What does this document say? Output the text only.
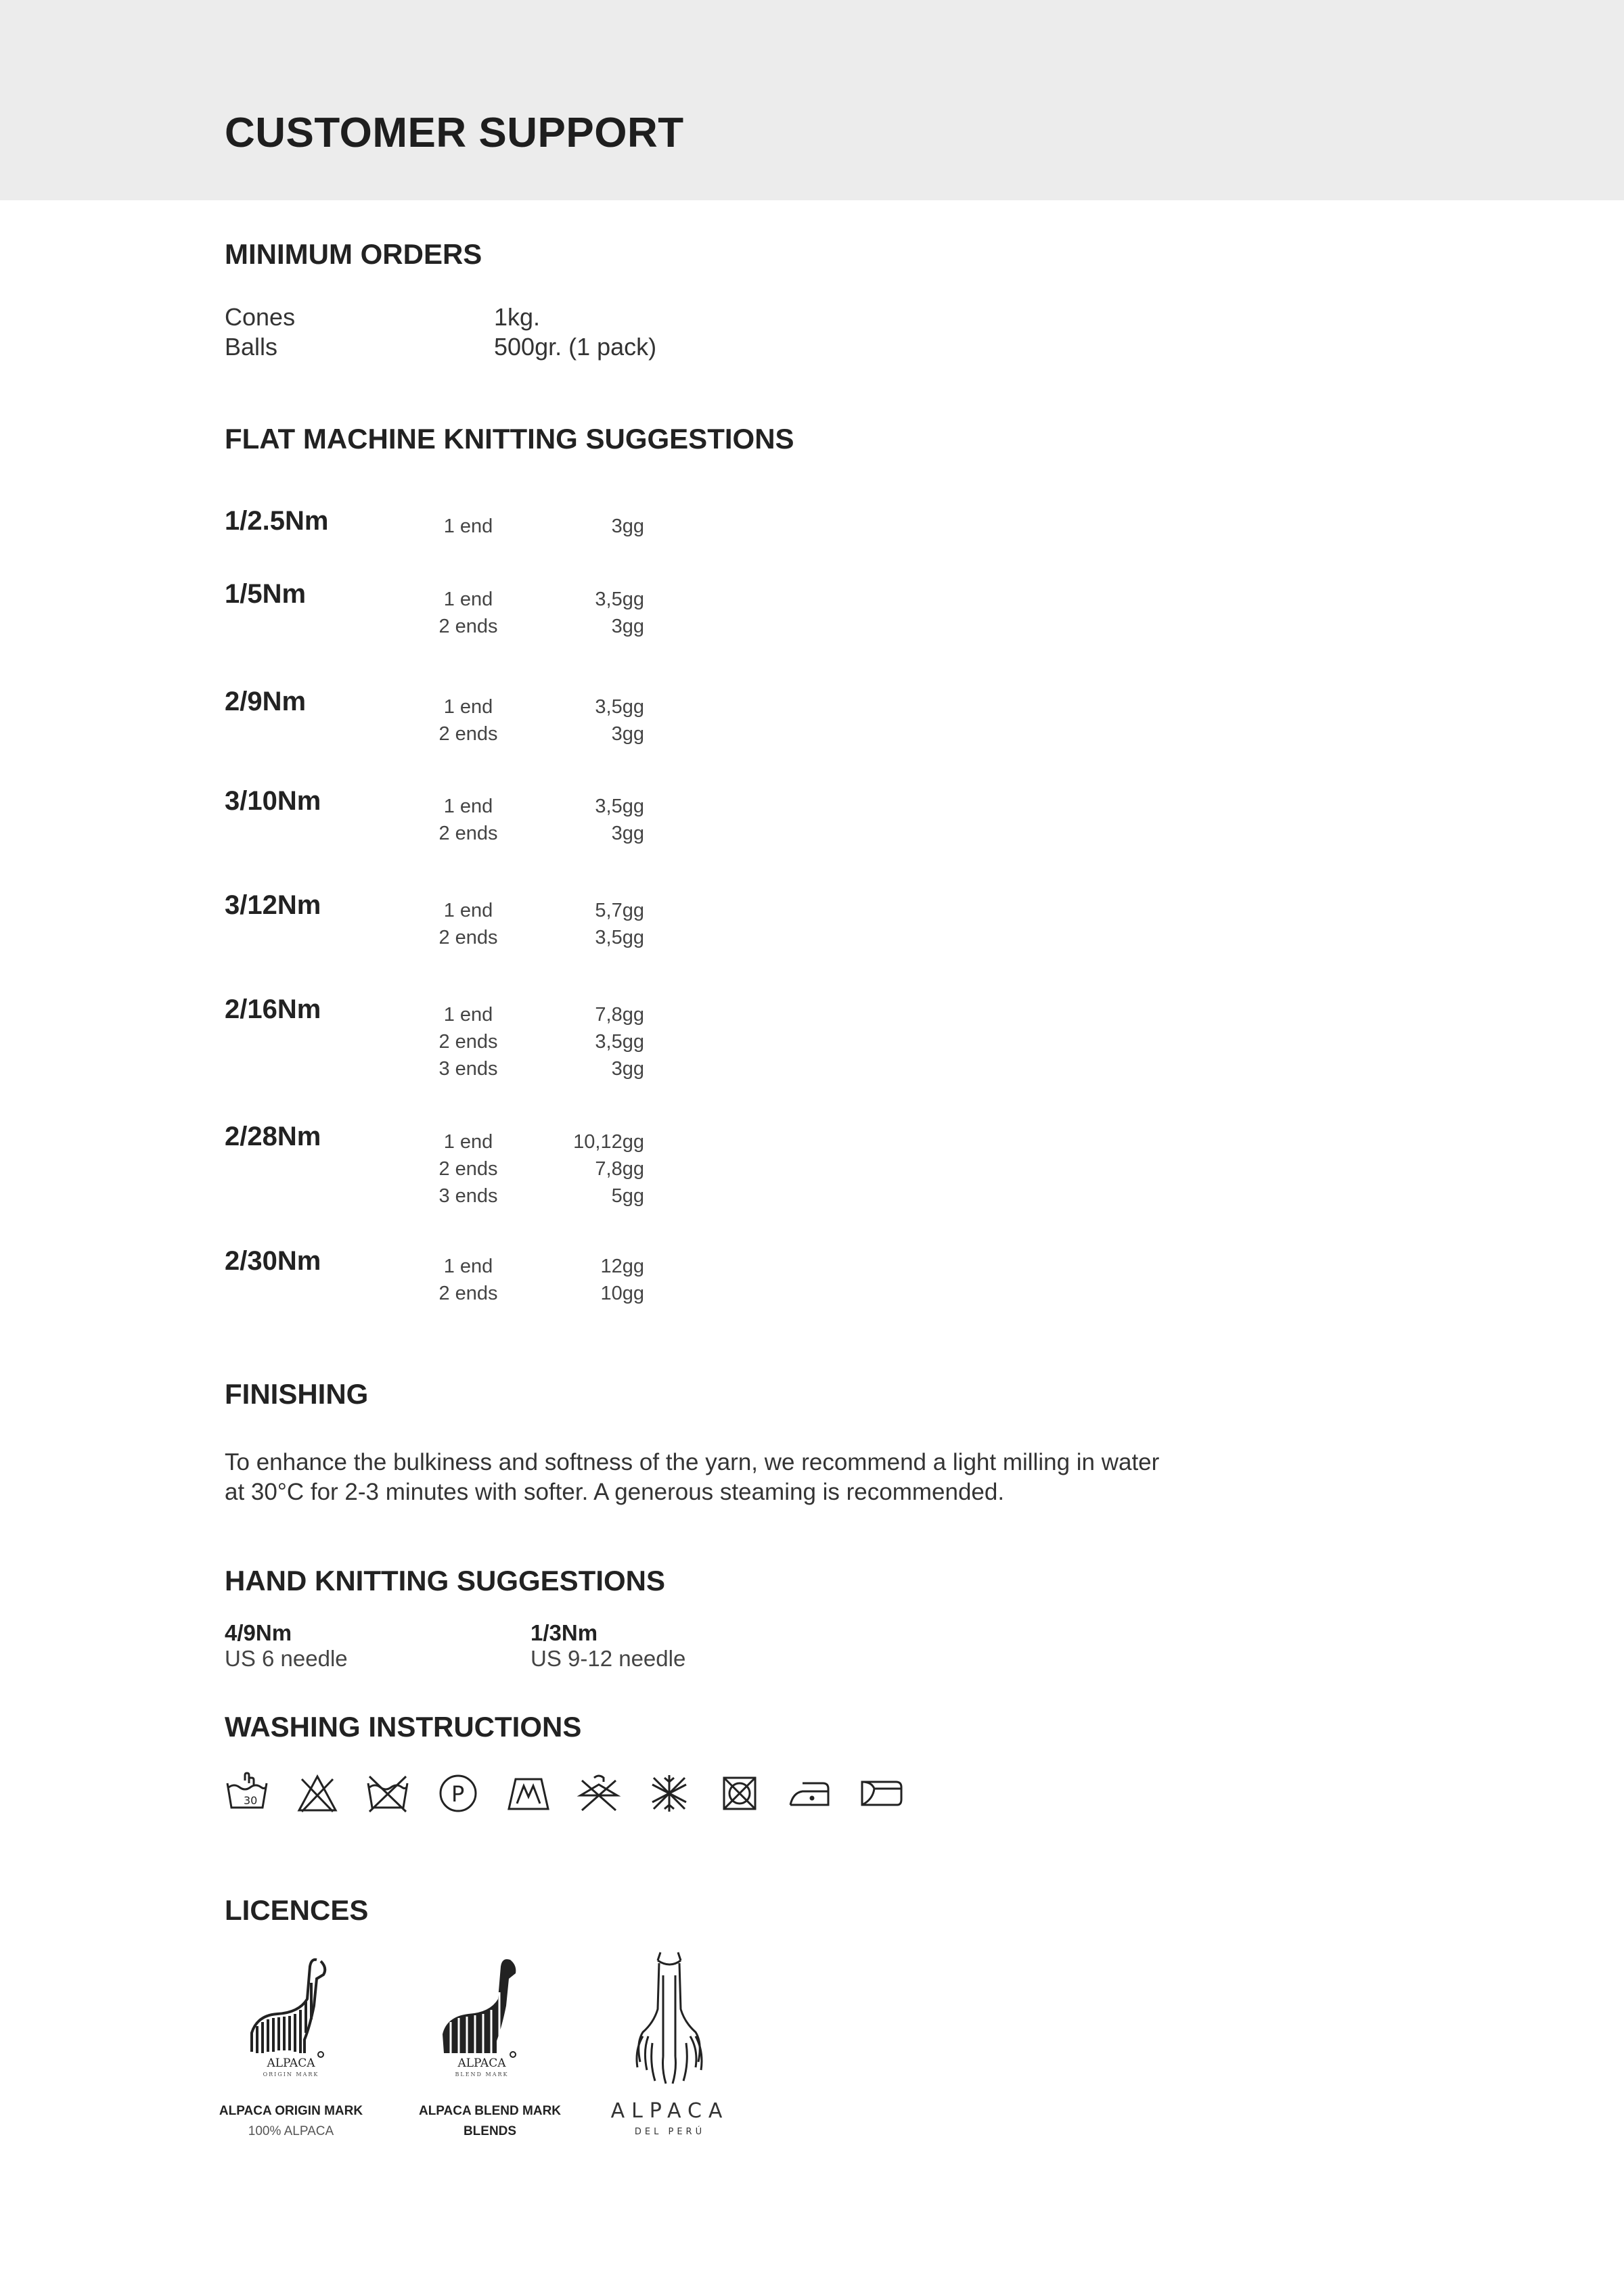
CUSTOMER SUPPORT
MINIMUM ORDERS
Cones	1kg.
Balls	500gr. (1 pack)
FLAT MACHINE KNITTING SUGGESTIONS
1/2.5Nm	1 end	3gg
1/5Nm	1 end	3,5gg
2 ends	3gg
2/9Nm	1 end	3,5gg
2 ends	3gg
3/10Nm	1 end	3,5gg
2 ends	3gg
3/12Nm	1 end	5,7gg
2 ends	3,5gg
2/16Nm	1 end	7,8gg
2 ends	3,5gg
3 ends	3gg
2/28Nm	1 end	10,12gg
2 ends	7,8gg
3 ends	5gg
2/30Nm	1 end	12gg
2 ends	10gg
FINISHING

To enhance the bulkiness and softness of the yarn, we recommend a light milling in water
at 30°C for 2-3 minutes with softer. A generous steaming is recommended.

HAND KNITTING SUGGESTIONS
4/9Nm
US 6 needle
1/3Nm
US 9-12 needle
WASHING INSTRUCTIONS
30	P
LICENCES
ALPACA
ORIGIN MARK
ALPACA ORIGIN MARK
100% ALPACA
ALPACA
BLEND MARK
ALPACA BLEND MARK
BLENDS
ALPACA
DEL PERÚ
